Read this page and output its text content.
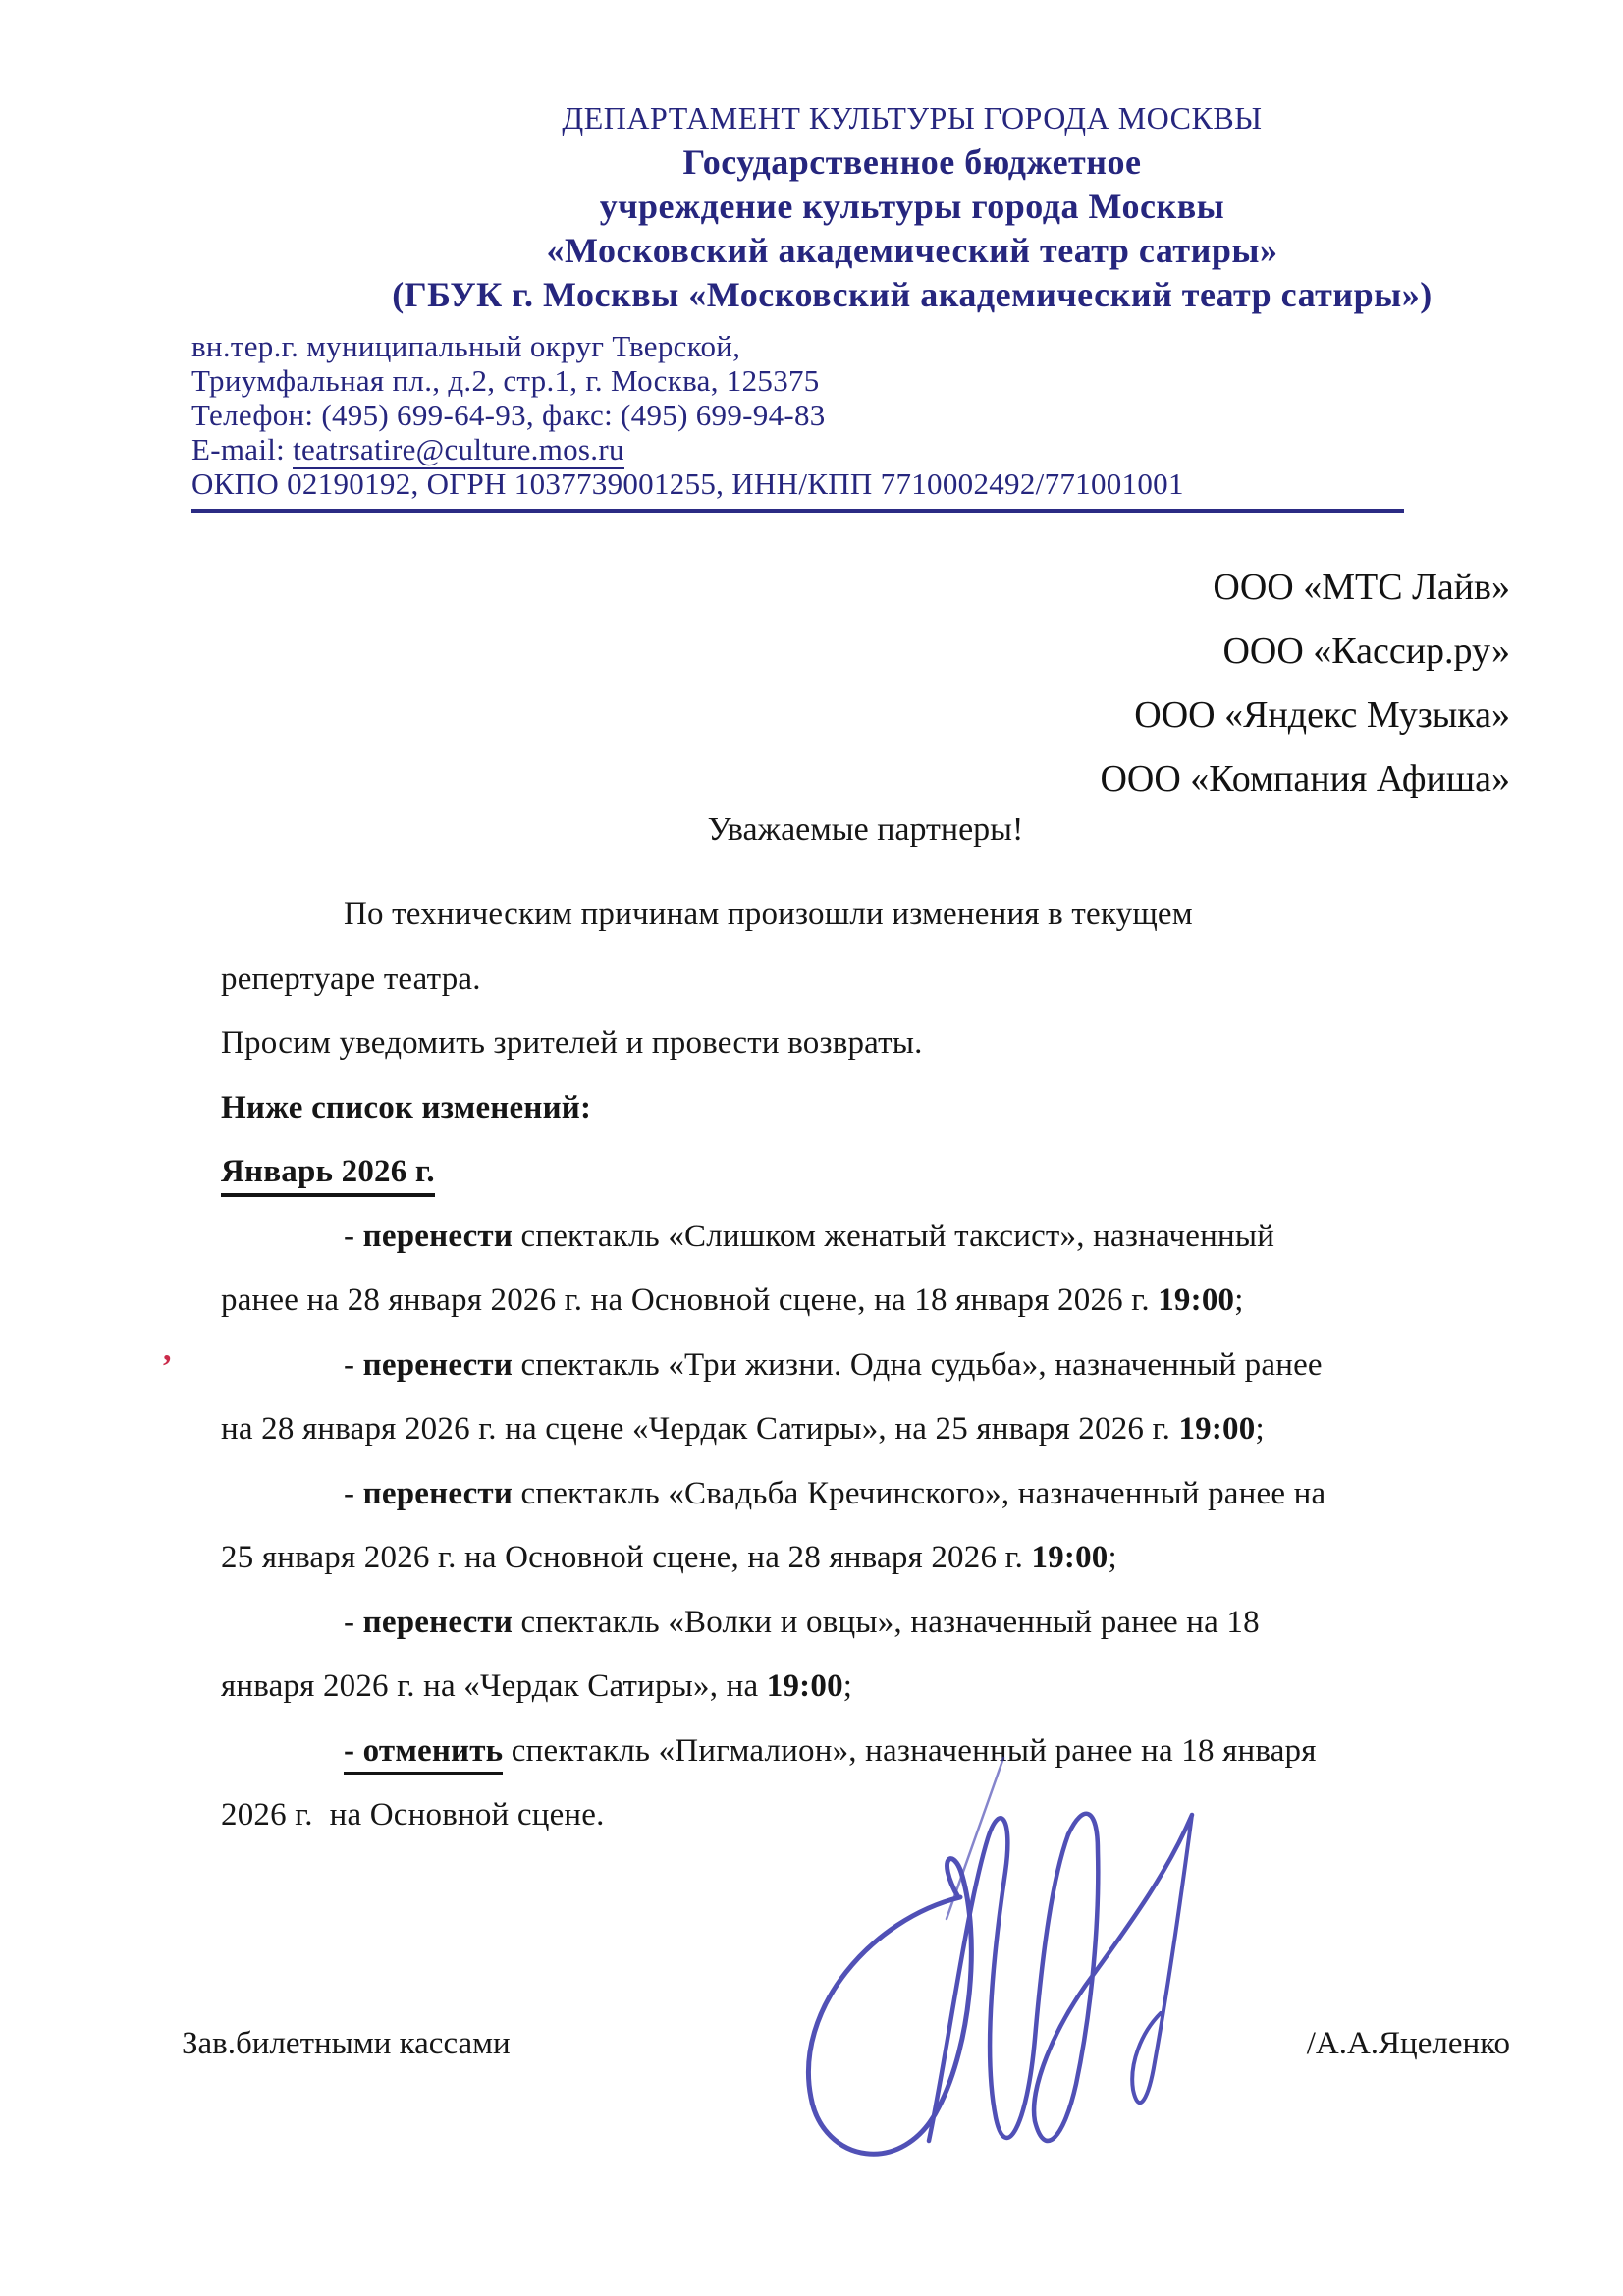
ДЕПАРТАМЕНТ КУЛЬТУРЫ ГОРОДА МОСКВЫ
Государственное бюджетное
учреждение культуры города Москвы
«Московский академический театр сатиры»
(ГБУК г. Москвы «Московский академический театр сатиры»)
вн.тер.г. муниципальный округ Тверской,
Триумфальная пл., д.2, стр.1, г. Москва, 125375
Телефон: (495) 699-64-93, факс: (495) 699-94-83
E-mail: teatrsatire@culture.mos.ru
ОКПО 02190192, ОГРН 1037739001255, ИНН/КПП 7710002492/771001001
ООО «МТС Лайв»
ООО «Кассир.ру»
ООО «Яндекс Музыка»
ООО «Компания Афиша»
Уважаемые партнеры!
По техническим причинам произошли изменения в текущем
репертуаре театра.
Просим уведомить зрителей и провести возвраты.
Ниже список изменений:
Январь 2026 г.
- перенести спектакль «Слишком женатый таксист», назначенный
ранее на 28 января 2026 г. на Основной сцене, на 18 января 2026 г. 19:00;
- перенести спектакль «Три жизни. Одна судьба», назначенный ранее
на 28 января 2026 г. на сцене «Чердак Сатиры», на 25 января 2026 г. 19:00;
- перенести спектакль «Свадьба Кречинского», назначенный ранее на
25 января 2026 г. на Основной сцене, на 28 января 2026 г. 19:00;
- перенести спектакль «Волки и овцы», назначенный ранее на 18
января 2026 г. на «Чердак Сатиры», на 19:00;
- отменить спектакль «Пигмалион», назначенный ранее на 18 января
2026 г.  на Основной сцене.
,
Зав.билетными кассами	/А.А.Яцеленко
